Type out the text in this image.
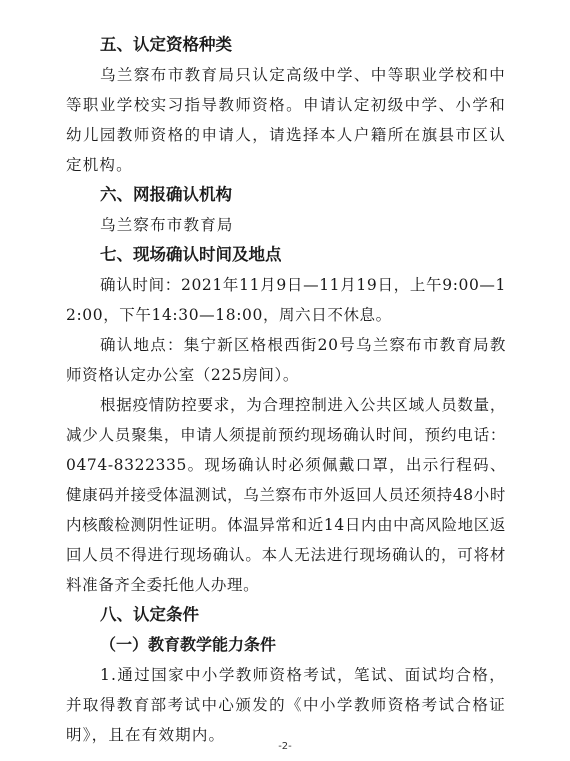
五、认定资格种类

乌兰察布市教育局只认定高级中学、中等职业学校和中等职业学校实习指导教师资格。申请认定初级中学、小学和幼儿园教师资格的申请人，请选择本人户籍所在旗县市区认定机构。

六、网报确认机构

乌兰察布市教育局

七、现场确认时间及地点

确认时间：2021年11月9日—11月19日，上午9:00—12:00，下午14:30—18:00，周六日不休息。

确认地点：集宁新区格根西街20号乌兰察布市教育局教师资格认定办公室（225房间）。

根据疫情防控要求，为合理控制进入公共区域人员数量，减少人员聚集，申请人须提前预约现场确认时间，预约电话：0474-8322335。现场确认时必须佩戴口罩，出示行程码、健康码并接受体温测试，乌兰察布市外返回人员还须持48小时内核酸检测阴性证明。体温异常和近14日内由中高风险地区返回人员不得进行现场确认。本人无法进行现场确认的，可将材料准备齐全委托他人办理。

八、认定条件

（一）教育教学能力条件

1.通过国家中小学教师资格考试，笔试、面试均合格，并取得教育部考试中心颁发的《中小学教师资格考试合格证明》，且在有效期内。

-2-
